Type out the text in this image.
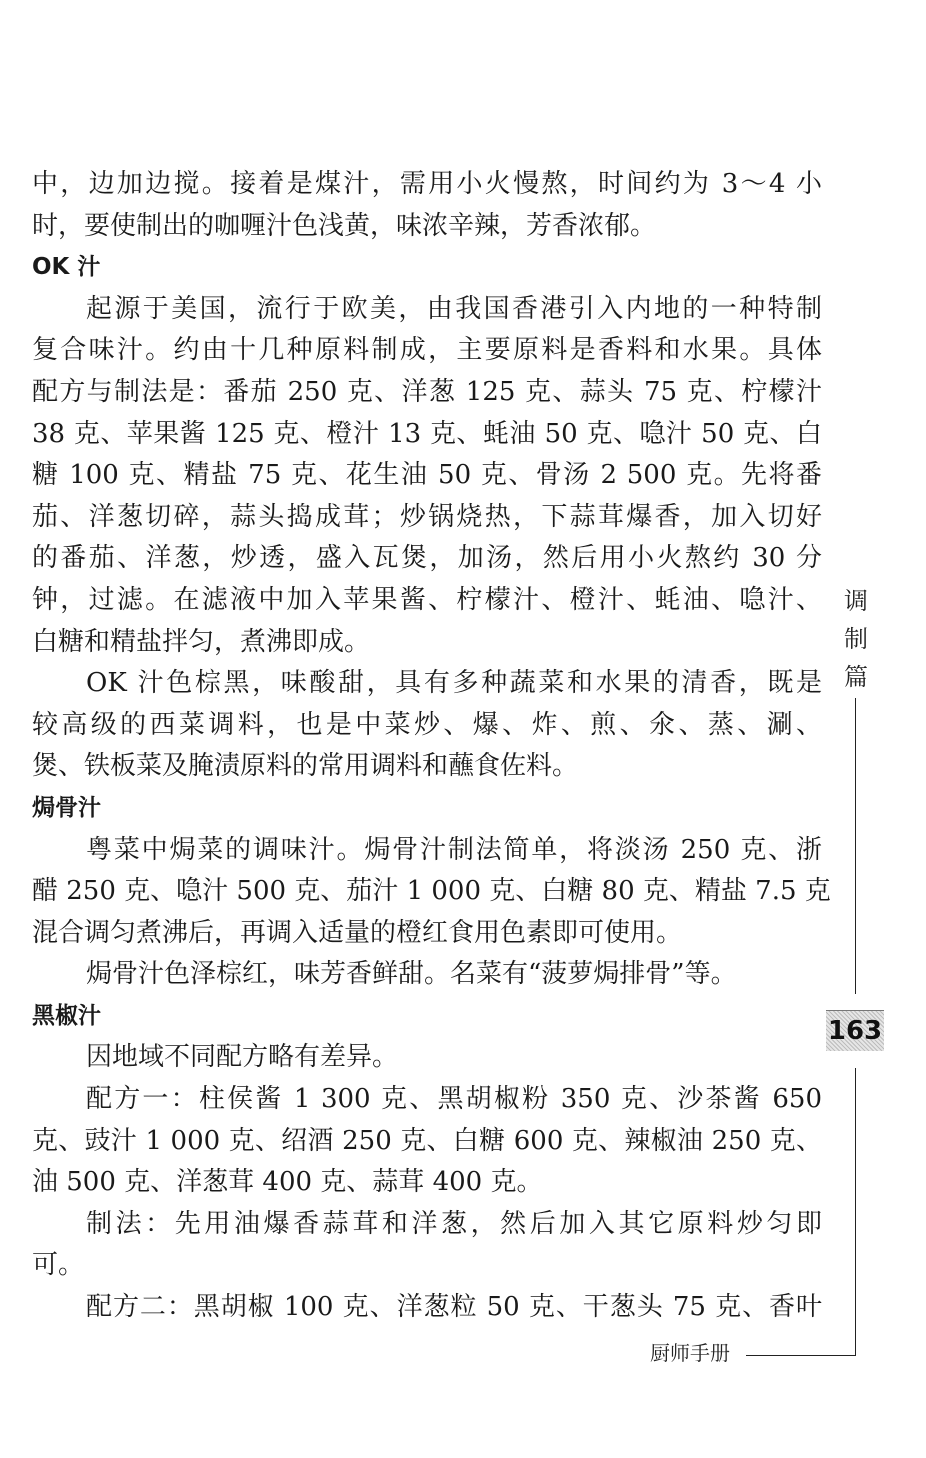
中，边加边搅。接着是煤汁，需用小火慢熬，时间约为 3～4 小
时，要使制出的咖喱汁色浅黄，味浓辛辣，芳香浓郁。
OK 汁
起源于美国，流行于欧美，由我国香港引入内地的一种特制
复合味汁。约由十几种原料制成，主要原料是香料和水果。具体
配方与制法是：番茄 250 克、洋葱 125 克、蒜头 75 克、柠檬汁
38 克、苹果酱 125 克、橙汁 13 克、蚝油 50 克、喼汁 50 克、白
糖 100 克、精盐 75 克、花生油 50 克、骨汤 2 500 克。先将番
茄、洋葱切碎，蒜头捣成茸；炒锅烧热，下蒜茸爆香，加入切好
的番茄、洋葱，炒透，盛入瓦煲，加汤，然后用小火熬约 30 分
钟，过滤。在滤液中加入苹果酱、柠檬汁、橙汁、蚝油、喼汁、
白糖和精盐拌匀，煮沸即成。
OK 汁色棕黑，味酸甜，具有多种蔬菜和水果的清香，既是
较高级的西菜调料，也是中菜炒、爆、炸、煎、氽、蒸、涮、
煲、铁板菜及腌渍原料的常用调料和蘸食佐料。
焗骨汁
粤菜中焗菜的调味汁。焗骨汁制法简单，将淡汤 250 克、浙
醋 250 克、喼汁 500 克、茄汁 1 000 克、白糖 80 克、精盐 7.5 克
混合调匀煮沸后，再调入适量的橙红食用色素即可使用。
焗骨汁色泽棕红，味芳香鲜甜。名菜有“菠萝焗排骨”等。
黑椒汁
因地域不同配方略有差异。
配方一：柱侯酱 1 300 克、黑胡椒粉 350 克、沙茶酱 650
克、豉汁 1 000 克、绍酒 250 克、白糖 600 克、辣椒油 250 克、
油 500 克、洋葱茸 400 克、蒜茸 400 克。
制法：先用油爆香蒜茸和洋葱，然后加入其它原料炒匀即
可。
配方二：黑胡椒 100 克、洋葱粒 50 克、干葱头 75 克、香叶
调
制
篇
163
厨师手册
